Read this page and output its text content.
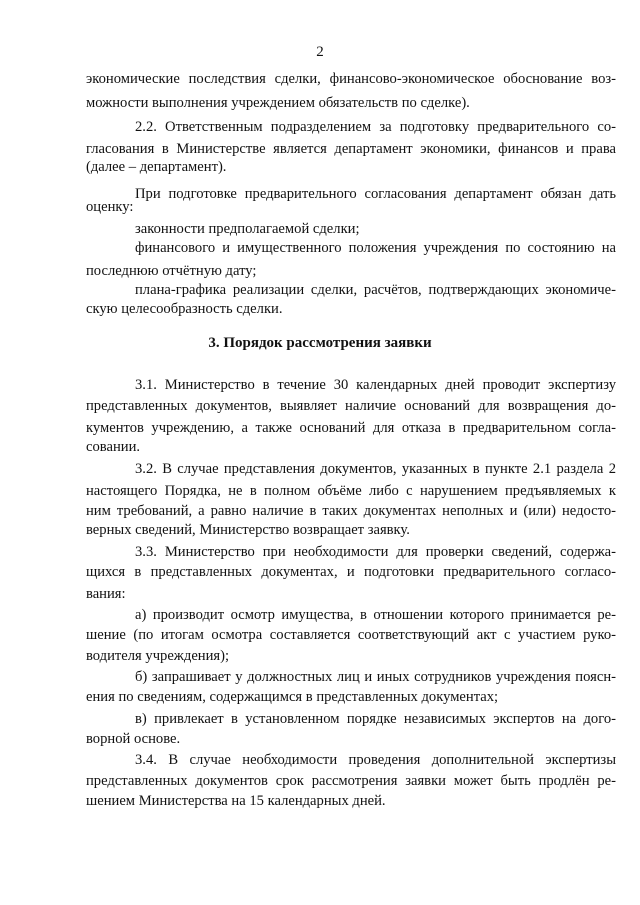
2
экономические последствия сделки, финансово-экономическое обоснование воз-
можности выполнения учреждением обязательств по сделке).
2.2. Ответственным подразделением за подготовку предварительного со-
гласования в Министерстве является департамент экономики, финансов и права
(далее – департамент).
При подготовке предварительного согласования департамент обязан дать
оценку:
законности предполагаемой сделки;
финансового и имущественного положения учреждения по состоянию на
последнюю отчётную дату;
плана-графика реализации сделки, расчётов, подтверждающих экономиче-
скую целесообразность сделки.
3. Порядок рассмотрения заявки
3.1. Министерство в течение 30 календарных дней проводит экспертизу
представленных документов, выявляет наличие оснований для возвращения до-
кументов учреждению, а также оснований для отказа в предварительном согла-
совании.
3.2. В случае представления документов, указанных в пункте 2.1 раздела 2
настоящего Порядка, не в полном объёме либо с нарушением предъявляемых к
ним требований, а равно наличие в таких документах неполных и (или) недосто-
верных сведений, Министерство возвращает заявку.
3.3. Министерство при необходимости для проверки сведений, содержа-
щихся в представленных документах, и подготовки предварительного согласо-
вания:
а) производит осмотр имущества, в отношении которого принимается ре-
шение (по итогам осмотра составляется соответствующий акт с участием руко-
водителя учреждения);
б) запрашивает у должностных лиц и иных сотрудников учреждения поясн-
ения по сведениям, содержащимся в представленных документах;
в) привлекает в установленном порядке независимых экспертов на дого-
ворной основе.
3.4. В случае необходимости проведения дополнительной экспертизы
представленных документов срок рассмотрения заявки может быть продлён ре-
шением Министерства на 15 календарных дней.
